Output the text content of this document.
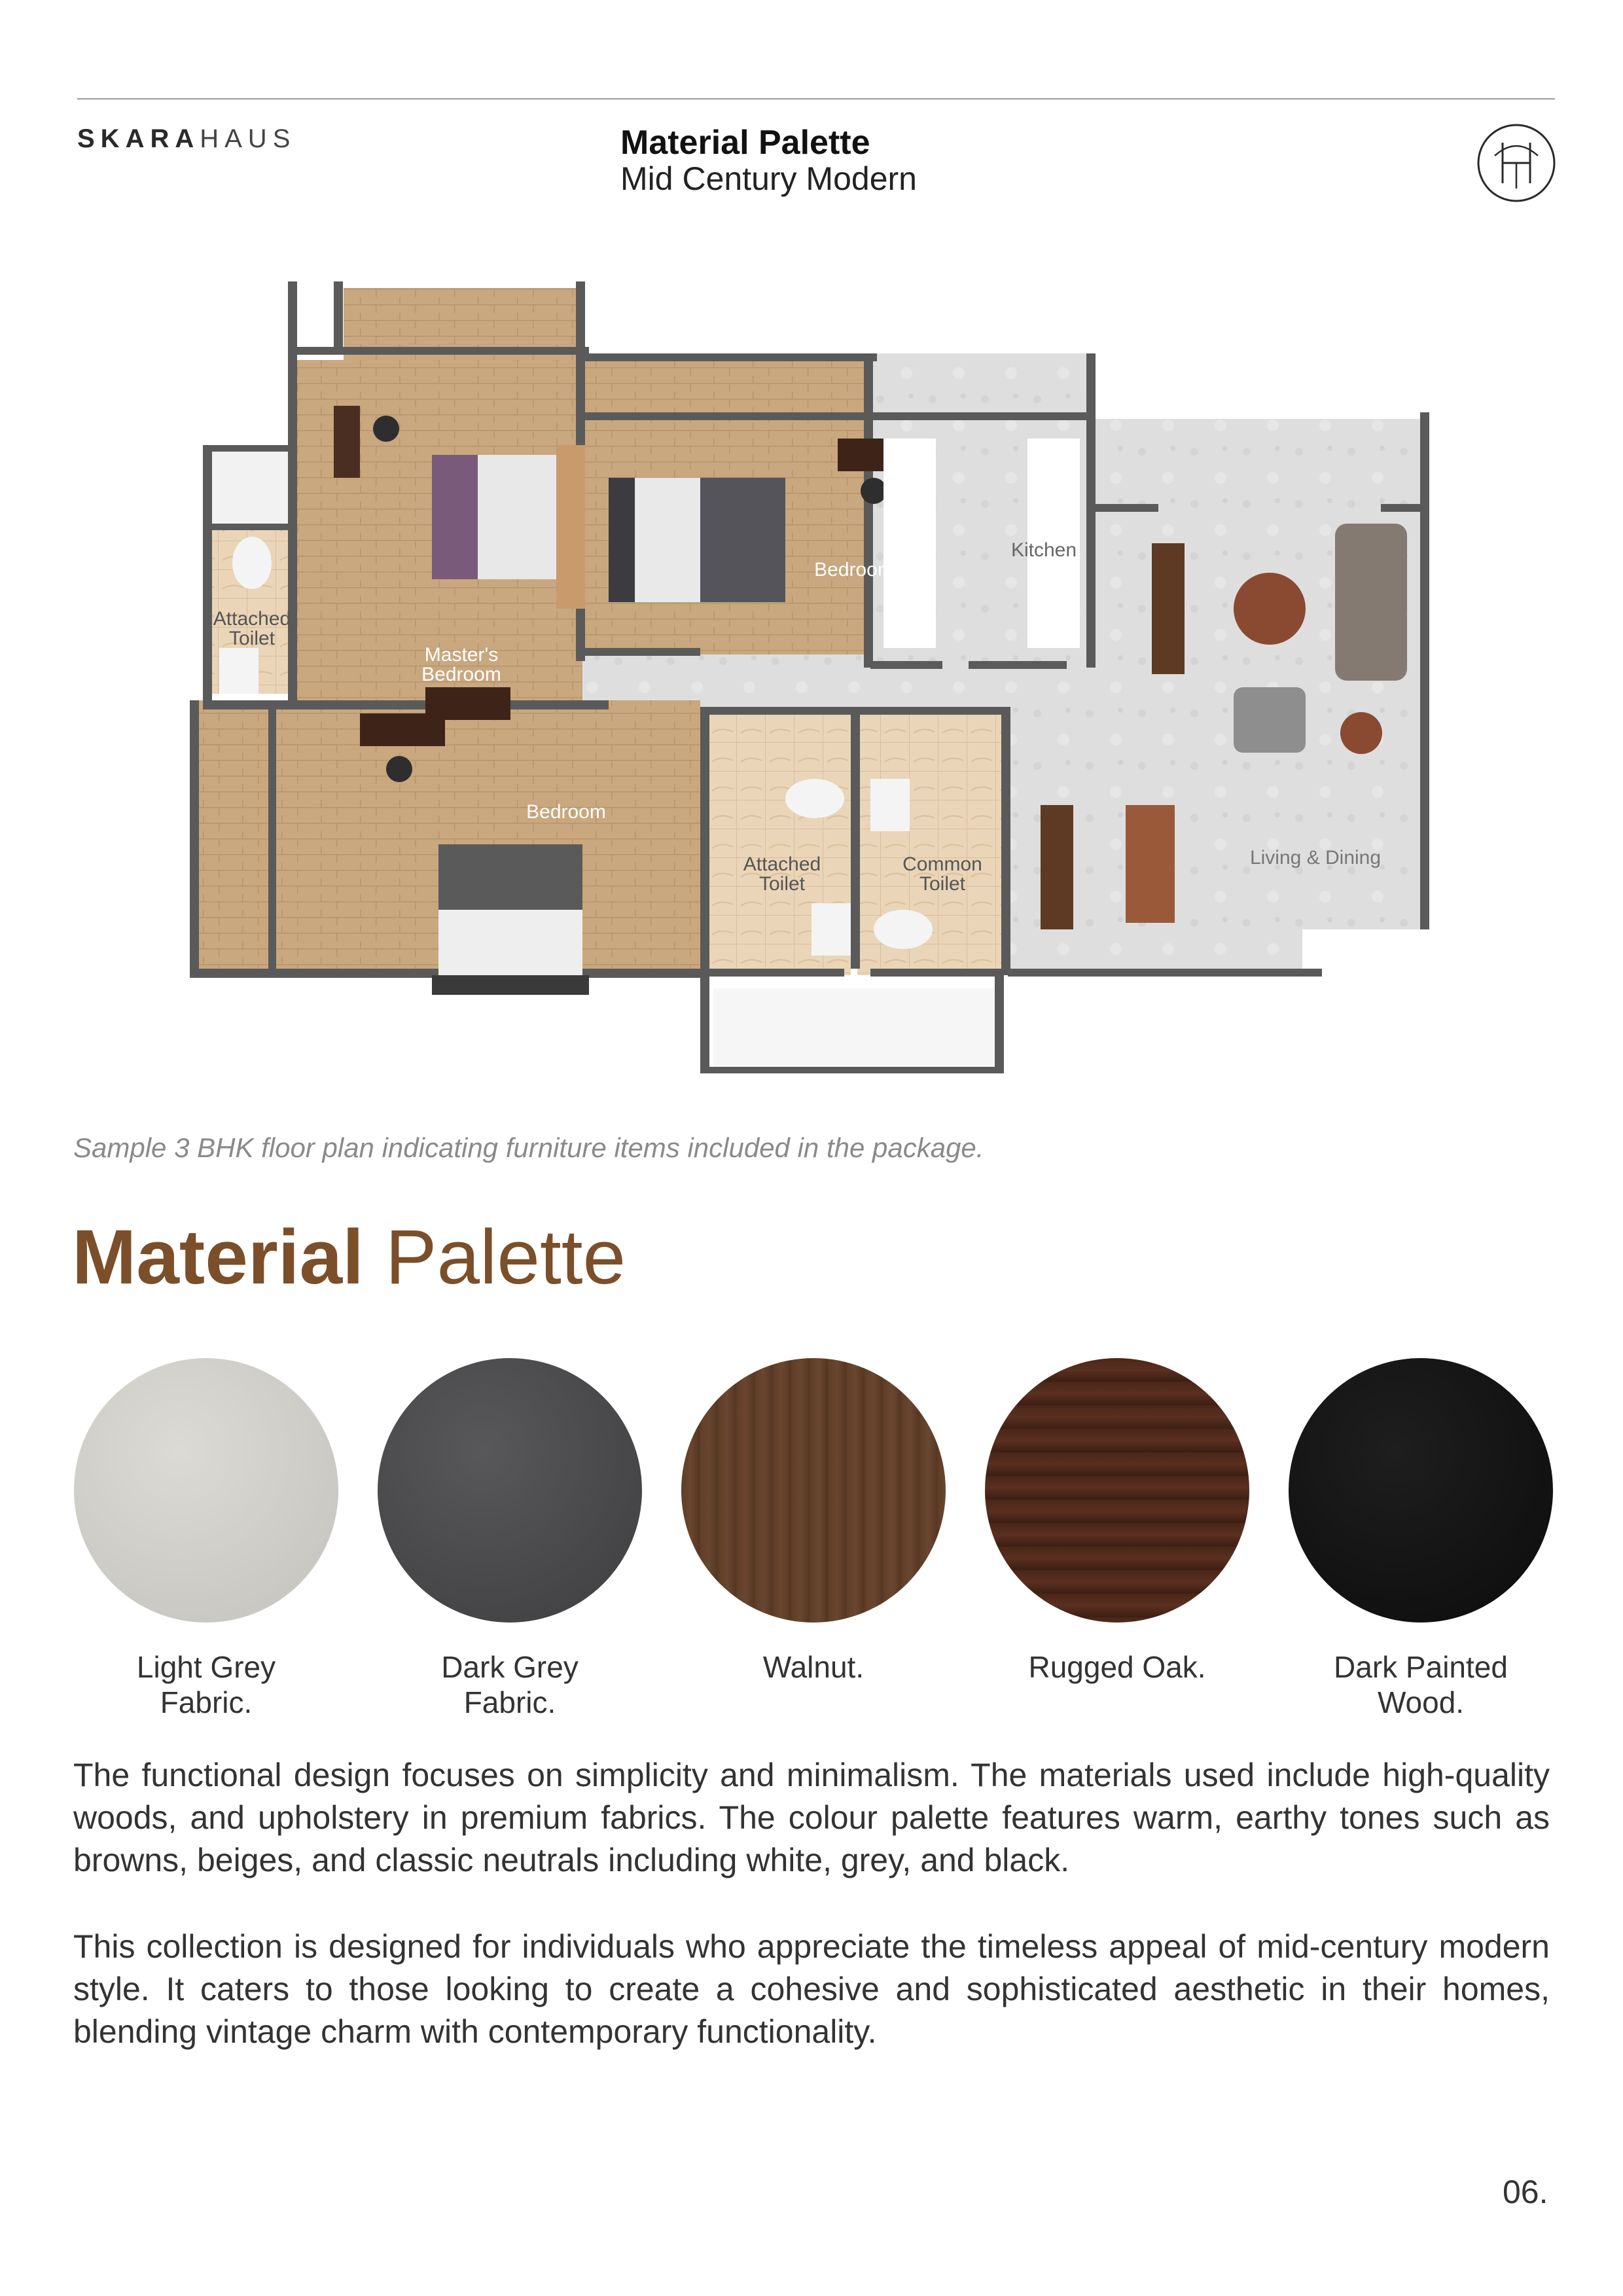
SKARAHAUS	Material Palette
Mid Century Modern
Attached Toilet
Master's Bedroom
Bedroom
Kitchen
Bedroom
Attached Toilet
Common Toilet
Living & Dining
Sample 3 BHK floor plan indicating furniture items included in the package.
Material Palette
Light Grey
Fabric.
Dark Grey
Fabric.
Walnut.	Rugged Oak.	Dark Painted
Wood.
The functional design focuses on simplicity and minimalism. The materials used include high-quality woods, and upholstery in premium fabrics. The colour palette features warm, earthy tones such as browns, beiges, and classic neutrals including white, grey, and black.
This collection is designed for individuals who appreciate the timeless appeal of mid-century modern style. It caters to those looking to create a cohesive and sophisticated aesthetic in their homes, blending vintage charm with contemporary functionality.
06.
